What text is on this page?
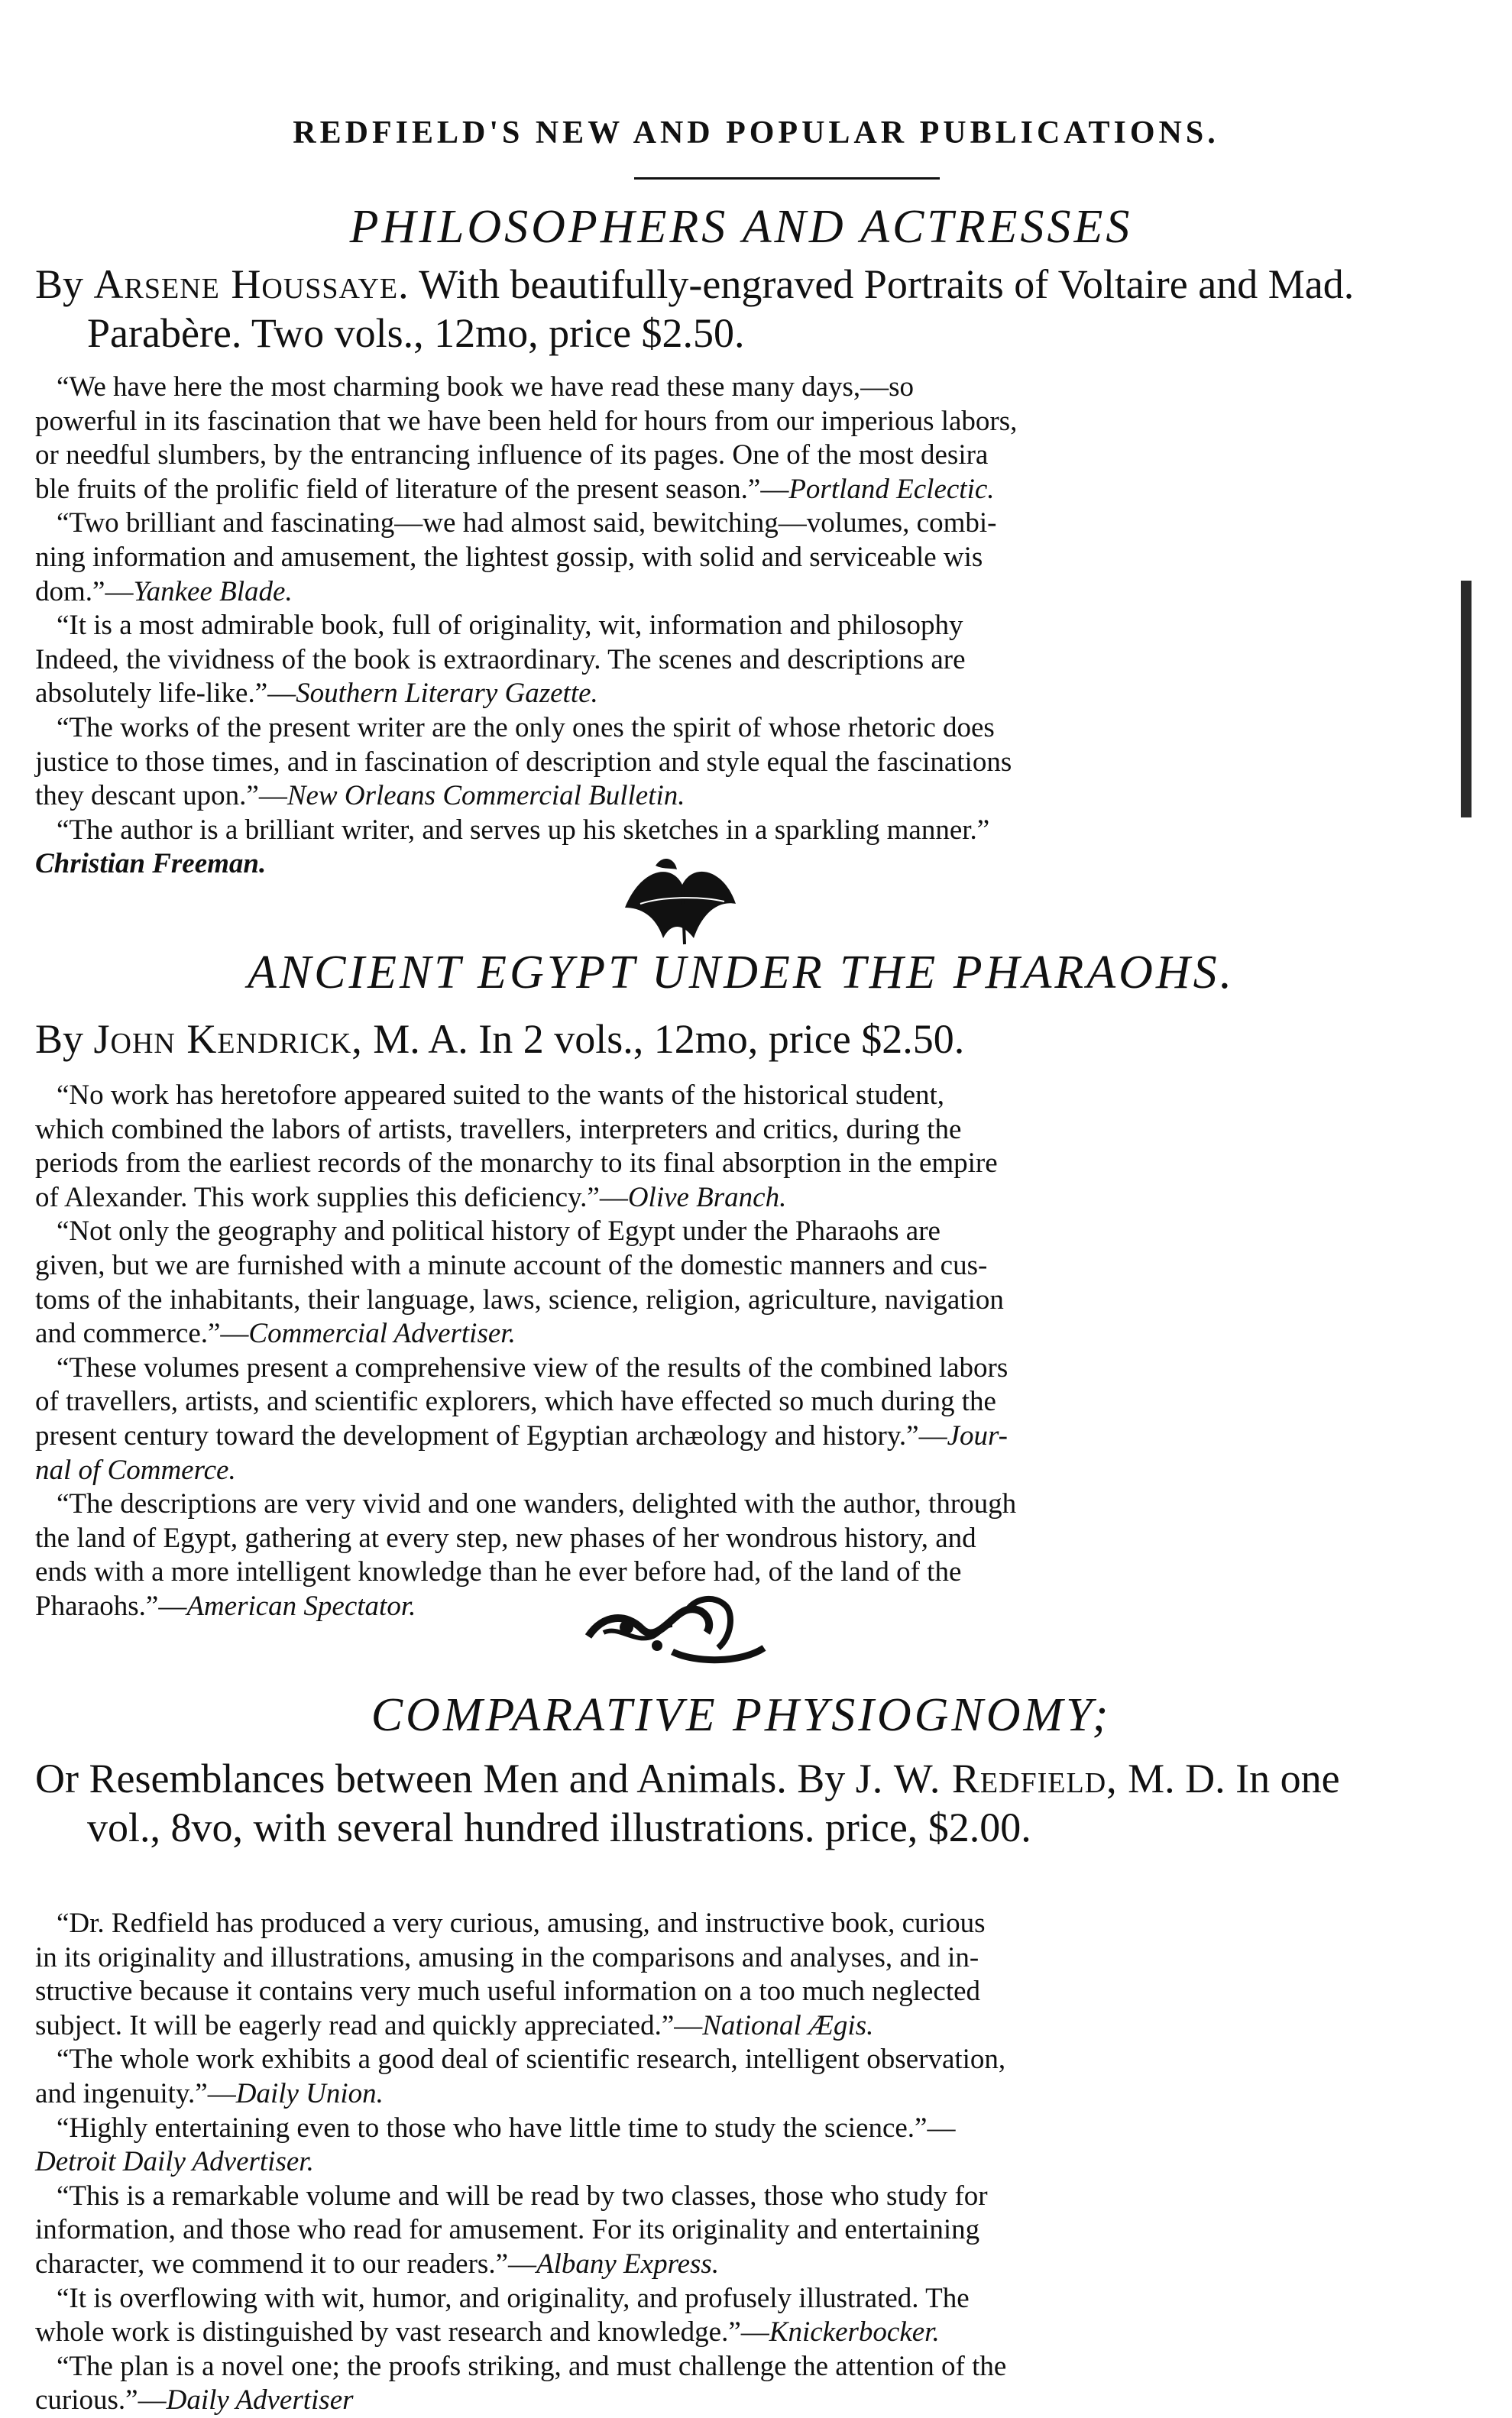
REDFIELD'S NEW AND POPULAR PUBLICATIONS.
PHILOSOPHERS AND ACTRESSES
By Arsene Houssaye. With beautifully-engraved Portraits of Voltaire and Mad. Parabère. Two vols., 12mo, price $2.50.
“We have here the most charming book we have read these many days,—so
powerful in its fascination that we have been held for hours from our imperious labors,
or needful slumbers, by the entrancing influence of its pages. One of the most desira
ble fruits of the prolific field of literature of the present season.”—Portland Eclectic.
“Two brilliant and fascinating—we had almost said, bewitching—volumes, combi-
ning information and amusement, the lightest gossip, with solid and serviceable wis
dom.”—Yankee Blade.
“It is a most admirable book, full of originality, wit, information and philosophy
Indeed, the vividness of the book is extraordinary. The scenes and descriptions are
absolutely life-like.”—Southern Literary Gazette.
“The works of the present writer are the only ones the spirit of whose rhetoric does
justice to those times, and in fascination of description and style equal the fascinations
they descant upon.”—New Orleans Commercial Bulletin.
“The author is a brilliant writer, and serves up his sketches in a sparkling manner.”
Christian Freeman.
ANCIENT EGYPT UNDER THE PHARAOHS.
By John Kendrick, M. A. In 2 vols., 12mo, price $2.50.
“No work has heretofore appeared suited to the wants of the historical student,
which combined the labors of artists, travellers, interpreters and critics, during the
periods from the earliest records of the monarchy to its final absorption in the empire
of Alexander. This work supplies this deficiency.”—Olive Branch.
“Not only the geography and political history of Egypt under the Pharaohs are
given, but we are furnished with a minute account of the domestic manners and cus-
toms of the inhabitants, their language, laws, science, religion, agriculture, navigation
and commerce.”—Commercial Advertiser.
“These volumes present a comprehensive view of the results of the combined labors
of travellers, artists, and scientific explorers, which have effected so much during the
present century toward the development of Egyptian archæology and history.”—Jour-
nal of Commerce.
“The descriptions are very vivid and one wanders, delighted with the author, through
the land of Egypt, gathering at every step, new phases of her wondrous history, and
ends with a more intelligent knowledge than he ever before had, of the land of the
Pharaohs.”—American Spectator.
COMPARATIVE PHYSIOGNOMY;
Or Resemblances between Men and Animals. By J. W. Redfield, M. D. In one vol., 8vo, with several hundred illustrations. price, $2.00.
“Dr. Redfield has produced a very curious, amusing, and instructive book, curious
in its originality and illustrations, amusing in the comparisons and analyses, and in-
structive because it contains very much useful information on a too much neglected
subject. It will be eagerly read and quickly appreciated.”—National Ægis.
“The whole work exhibits a good deal of scientific research, intelligent observation,
and ingenuity.”—Daily Union.
“Highly entertaining even to those who have little time to study the science.”—
Detroit Daily Advertiser.
“This is a remarkable volume and will be read by two classes, those who study for
information, and those who read for amusement. For its originality and entertaining
character, we commend it to our readers.”—Albany Express.
“It is overflowing with wit, humor, and originality, and profusely illustrated. The
whole work is distinguished by vast research and knowledge.”—Knickerbocker.
“The plan is a novel one; the proofs striking, and must challenge the attention of the
curious.”—Daily Advertiser
